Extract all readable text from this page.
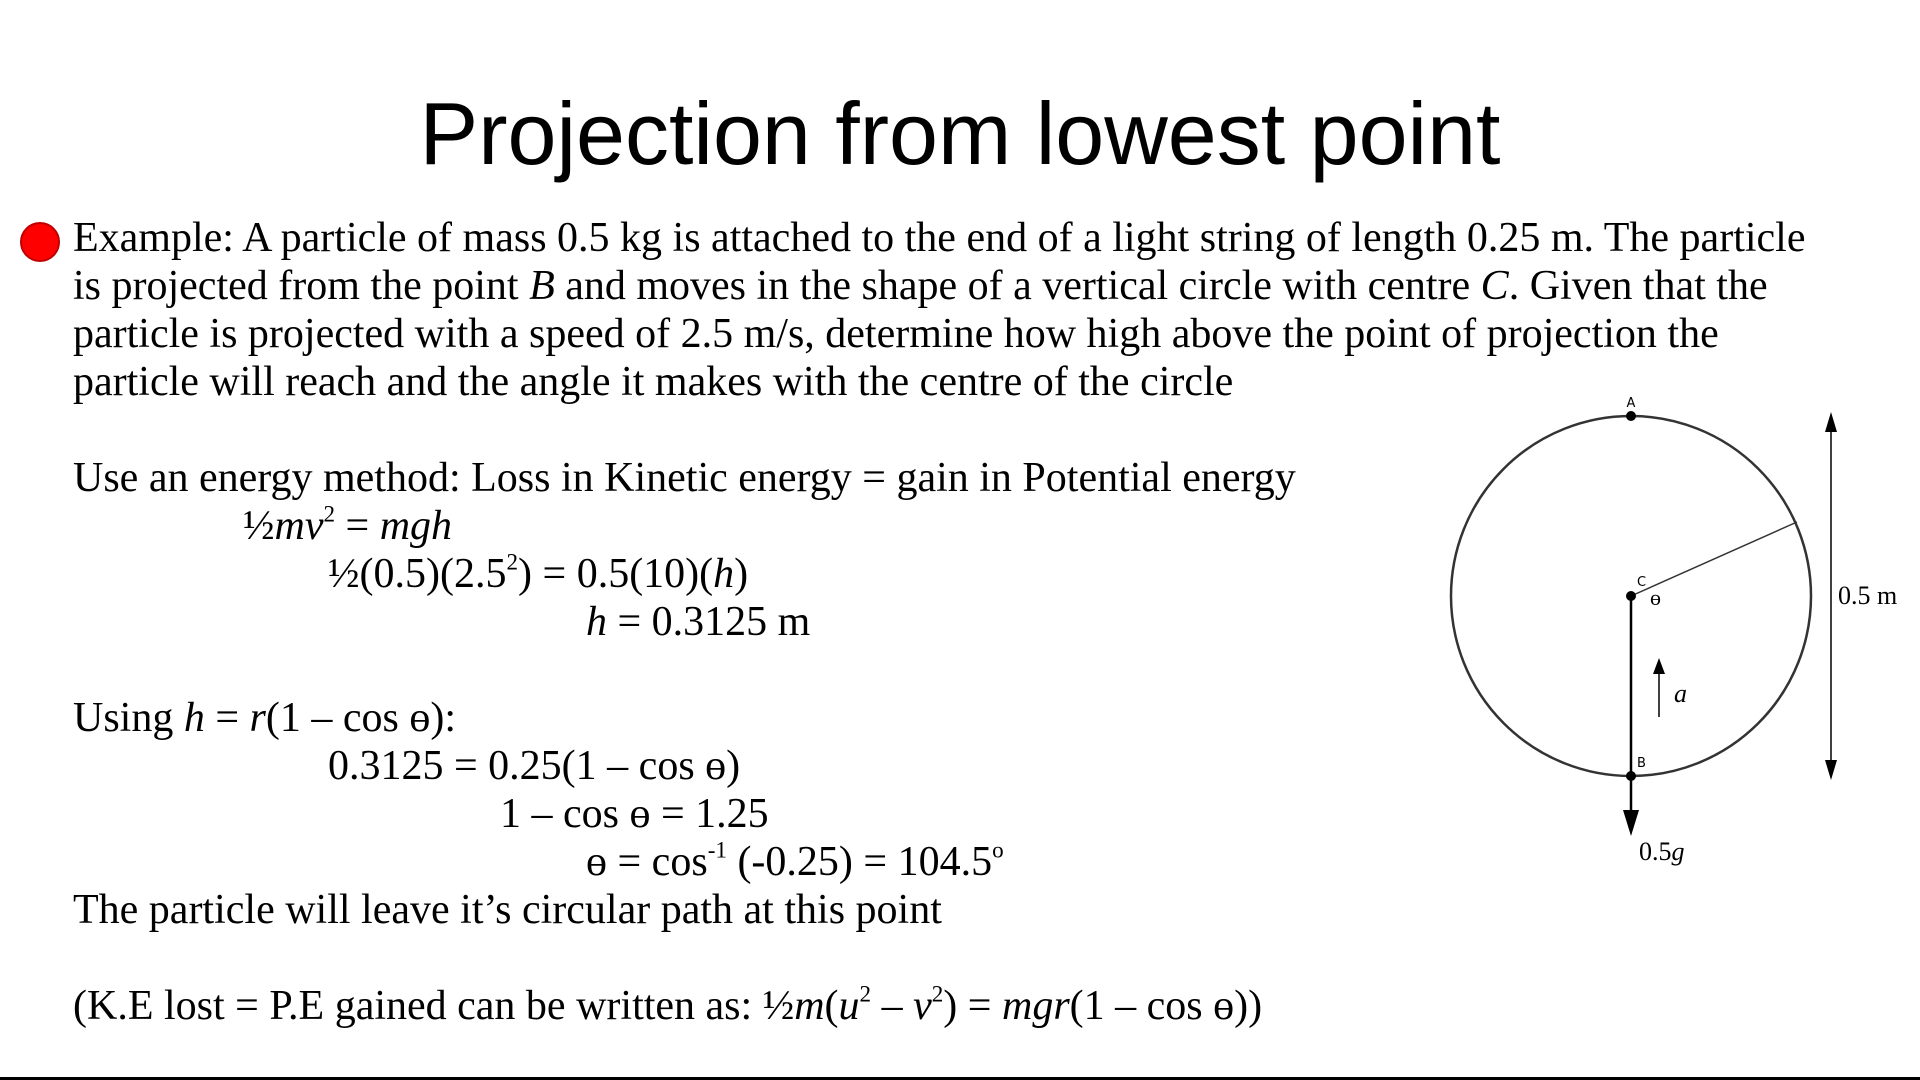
Projection from lowest point
Example: A particle of mass 0.5 kg is attached to the end of a light string of length 0.25 m. The particle
is projected from the point B and moves in the shape of a vertical circle with centre C. Given that the
particle is projected with a speed of 2.5 m/s, determine how high above the point of projection the
particle will reach and the angle it makes with the centre of the circle
Use an energy method: Loss in Kinetic energy = gain in Potential energy
$\frac{1}{2}mv^2$ = mgh
$\frac{1}{2}(0.5)(2.5^2) = 0.5(10)(h)$
h = 0.3125 m
Using h = r(1 – cos ɵ):
0.3125 = 0.25(1 – cos ɵ)
1 – cos ɵ = 1.25
ɵ = $\cos^{-1} (-0.25) = 104.5^o$
The particle will leave it’s circular path at this point
(K.E lost = P.E gained can be written as: $\frac{1}{2}m(u^2 - v^2) = mgr(1 - \cos$ ɵ))
A
C
B
ɵ
a
0.5g
0.5 m
